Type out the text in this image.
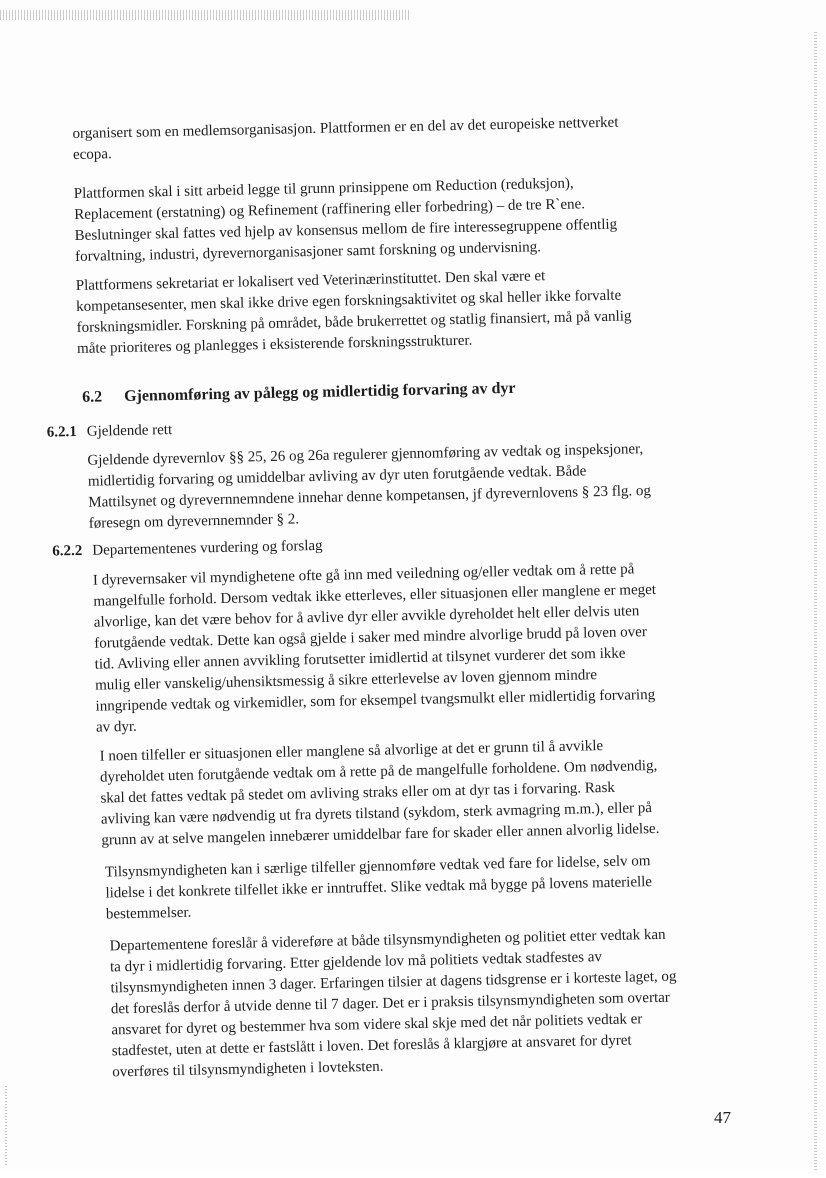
organisert som en medlemsorganisasjon. Plattformen er en del av det europeiske nettverket
ecopa.
Plattformen skal i sitt arbeid legge til grunn prinsippene om Reduction (reduksjon),
Replacement (erstatning) og Refinement (raffinering eller forbedring) – de tre R`ene.
Beslutninger skal fattes ved hjelp av konsensus mellom de fire interessegruppene offentlig
forvaltning, industri, dyrevernorganisasjoner samt forskning og undervisning.
Plattformens sekretariat er lokalisert ved Veterinærinstituttet. Den skal være et
kompetansesenter, men skal ikke drive egen forskningsaktivitet og skal heller ikke forvalte
forskningsmidler. Forskning på området, både brukerrettet og statlig finansiert, må på vanlig
måte prioriteres og planlegges i eksisterende forskningsstrukturer.
6.2 Gjennomføring av pålegg og midlertidig forvaring av dyr
6.2.1 Gjeldende rett
Gjeldende dyrevernlov §§ 25, 26 og 26a regulerer gjennomføring av vedtak og inspeksjoner,
midlertidig forvaring og umiddelbar avliving av dyr uten forutgående vedtak. Både
Mattilsynet og dyrevernnemndene innehar denne kompetansen, jf dyrevernlovens § 23 flg. og
føresegn om dyrevernnemnder § 2.
6.2.2 Departementenes vurdering og forslag
I dyrevernsaker vil myndighetene ofte gå inn med veiledning og/eller vedtak om å rette på
mangelfulle forhold. Dersom vedtak ikke etterleves, eller situasjonen eller manglene er meget
alvorlige, kan det være behov for å avlive dyr eller avvikle dyreholdet helt eller delvis uten
forutgående vedtak. Dette kan også gjelde i saker med mindre alvorlige brudd på loven over
tid. Avliving eller annen avvikling forutsetter imidlertid at tilsynet vurderer det som ikke
mulig eller vanskelig/uhensiktsmessig å sikre etterlevelse av loven gjennom mindre
inngripende vedtak og virkemidler, som for eksempel tvangsmulkt eller midlertidig forvaring
av dyr.
I noen tilfeller er situasjonen eller manglene så alvorlige at det er grunn til å avvikle
dyreholdet uten forutgående vedtak om å rette på de mangelfulle forholdene. Om nødvendig,
skal det fattes vedtak på stedet om avliving straks eller om at dyr tas i forvaring. Rask
avliving kan være nødvendig ut fra dyrets tilstand (sykdom, sterk avmagring m.m.), eller på
grunn av at selve mangelen innebærer umiddelbar fare for skader eller annen alvorlig lidelse.
Tilsynsmyndigheten kan i særlige tilfeller gjennomføre vedtak ved fare for lidelse, selv om
lidelse i det konkrete tilfellet ikke er inntruffet. Slike vedtak må bygge på lovens materielle
bestemmelser.
Departementene foreslår å videreføre at både tilsynsmyndigheten og politiet etter vedtak kan
ta dyr i midlertidig forvaring. Etter gjeldende lov må politiets vedtak stadfestes av
tilsynsmyndigheten innen 3 dager. Erfaringen tilsier at dagens tidsgrense er i korteste laget, og
det foreslås derfor å utvide denne til 7 dager. Det er i praksis tilsynsmyndigheten som overtar
ansvaret for dyret og bestemmer hva som videre skal skje med det når politiets vedtak er
stadfestet, uten at dette er fastslått i loven. Det foreslås å klargjøre at ansvaret for dyret
overføres til tilsynsmyndigheten i lovteksten.
47
